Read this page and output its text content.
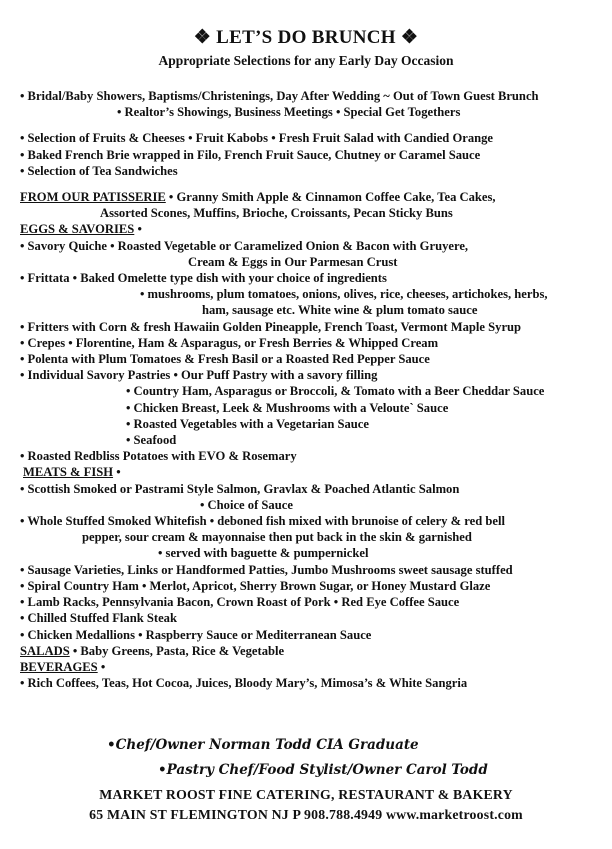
❖ LET’S DO BRUNCH ❖
Appropriate Selections for any Early Day Occasion
• Bridal/Baby Showers, Baptisms/Christenings, Day After Wedding ~ Out of Town Guest Brunch
• Realtor’s Showings, Business Meetings • Special Get Togethers
• Selection of Fruits & Cheeses • Fruit Kabobs • Fresh Fruit Salad with Candied Orange
• Baked French Brie wrapped in Filo, French Fruit Sauce, Chutney or Caramel Sauce
• Selection of Tea Sandwiches
FROM OUR PATISSERIE • Granny Smith Apple & Cinnamon Coffee Cake, Tea Cakes,
Assorted Scones, Muffins, Brioche, Croissants, Pecan Sticky Buns
EGGS & SAVORIES •
• Savory Quiche • Roasted Vegetable or Caramelized Onion & Bacon with Gruyere,
Cream & Eggs in Our Parmesan Crust
• Frittata • Baked Omelette type dish with your choice of ingredients
• mushrooms, plum tomatoes, onions, olives, rice, cheeses, artichokes, herbs,
ham, sausage etc. White wine & plum tomato sauce
• Fritters with Corn & fresh Hawaiin Golden Pineapple, French Toast, Vermont Maple Syrup
• Crepes • Florentine, Ham & Asparagus, or Fresh Berries & Whipped Cream
• Polenta with Plum Tomatoes & Fresh Basil or a Roasted Red Pepper Sauce
• Individual Savory Pastries • Our Puff Pastry with a savory filling
• Country Ham, Asparagus or Broccoli, & Tomato with a Beer Cheddar Sauce
• Chicken Breast, Leek & Mushrooms with a Veloute` Sauce
• Roasted Vegetables with a Vegetarian Sauce
• Seafood
• Roasted Redbliss Potatoes with EVO & Rosemary
MEATS & FISH •
• Scottish Smoked or Pastrami Style Salmon, Gravlax & Poached Atlantic Salmon
• Choice of Sauce
• Whole Stuffed Smoked Whitefish • deboned fish mixed with brunoise of celery & red bell
pepper, sour cream & mayonnaise then put back in the skin & garnished
• served with baguette & pumpernickel
• Sausage Varieties, Links or Handformed Patties, Jumbo Mushrooms sweet sausage stuffed
• Spiral Country Ham • Merlot, Apricot, Sherry Brown Sugar, or Honey Mustard Glaze
• Lamb Racks, Pennsylvania Bacon, Crown Roast of Pork • Red Eye Coffee Sauce
• Chilled Stuffed Flank Steak
• Chicken Medallions • Raspberry Sauce or Mediterranean Sauce
SALADS • Baby Greens, Pasta, Rice & Vegetable
BEVERAGES •
• Rich Coffees, Teas, Hot Cocoa, Juices, Bloody Mary’s, Mimosa’s & White Sangria
•Chef/Owner Norman Todd CIA Graduate
•Pastry Chef/Food Stylist/Owner Carol Todd
MARKET ROOST FINE CATERING, RESTAURANT & BAKERY
65 MAIN ST FLEMINGTON NJ P 908.788.4949 www.marketroost.com
